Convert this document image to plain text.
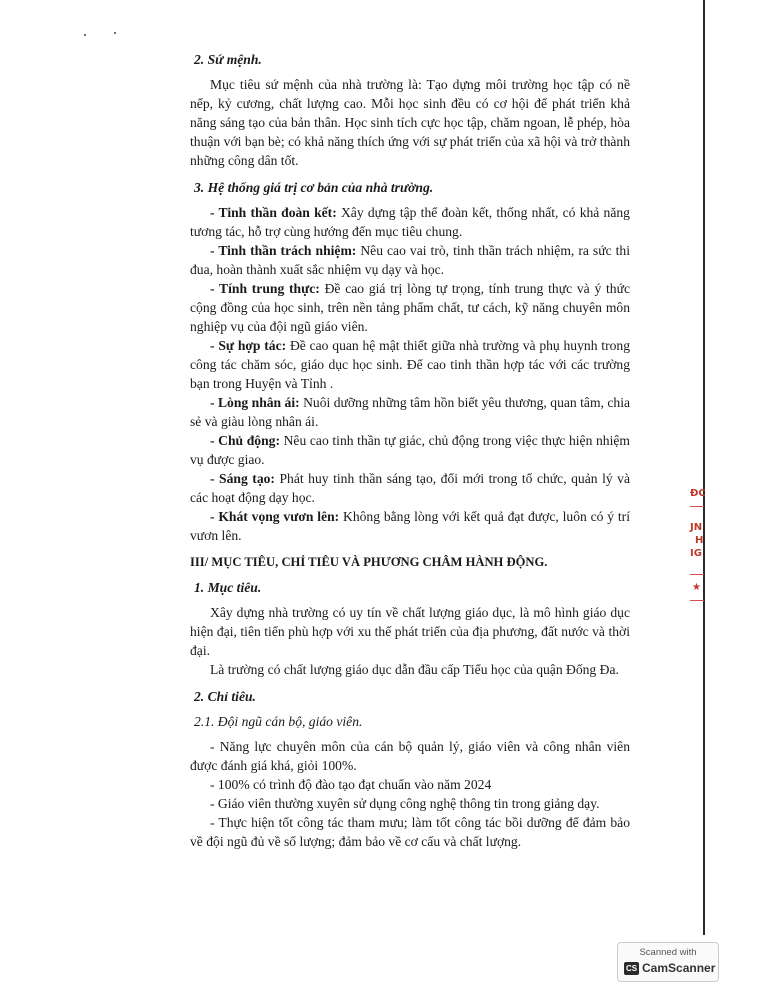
2. Sứ mệnh.
Mục tiêu sứ mệnh của nhà trường là: Tạo dựng môi trường học tập có nề nếp, kỷ cương, chất lượng cao. Mỗi học sinh đều có cơ hội để phát triển khả năng sáng tạo của bản thân. Học sinh tích cực học tập, chăm ngoan, lễ phép, hòa thuận với bạn bè; có khả năng thích ứng với sự phát triển của xã hội và trở thành những công dân tốt.
3. Hệ thống giá trị cơ bản của nhà trường.
- Tinh thần đoàn kết: Xây dựng tập thể đoàn kết, thống nhất, có khả năng tương tác, hỗ trợ cùng hướng đến mục tiêu chung.
- Tinh thần trách nhiệm: Nêu cao vai trò, tinh thần trách nhiệm, ra sức thi đua, hoàn thành xuất sắc nhiệm vụ dạy và học.
- Tính trung thực: Đề cao giá trị lòng tự trọng, tính trung thực và ý thức cộng đồng của học sinh, trên nền tảng phẩm chất, tư cách, kỹ năng chuyên môn nghiệp vụ của đội ngũ giáo viên.
- Sự hợp tác: Đề cao quan hệ mật thiết giữa nhà trường và phụ huynh trong công tác chăm sóc, giáo dục học sinh. Để cao tinh thần hợp tác với các trường bạn trong Huyện và Tỉnh .
- Lòng nhân ái: Nuôi dưỡng những tâm hồn biết yêu thương, quan tâm, chia sẻ và giàu lòng nhân ái.
- Chủ động: Nêu cao tinh thần tự giác, chủ động trong việc thực hiện nhiệm vụ được giao.
- Sáng tạo: Phát huy tinh thần sáng tạo, đổi mới trong tổ chức, quản lý và các hoạt động dạy học.
- Khát vọng vươn lên: Không bằng lòng với kết quả đạt được, luôn có ý trí vươn lên.
III/ MỤC TIÊU, CHỈ TIÊU VÀ PHƯƠNG CHÂM HÀNH ĐỘNG.
1. Mục tiêu.
Xây dựng nhà trường có uy tín về chất lượng giáo dục, là mô hình giáo dục hiện đại, tiên tiến phù hợp với xu thế phát triển của địa phương, đất nước và thời đại.
Là trường có chất lượng giáo dục dẫn đầu cấp Tiểu học của quận Đống Đa.
2. Chỉ tiêu.
2.1. Đội ngũ cán bộ, giáo viên.
- Năng lực chuyên môn của cán bộ quản lý, giáo viên và công nhân viên được đánh giá khá, giỏi 100%.
- 100% có trình độ đào tạo đạt chuẩn vào năm 2024
- Giáo viên thường xuyên sử dụng công nghệ thông tin trong giảng dạy.
- Thực hiện tốt công tác tham mưu; làm tốt công tác bồi dưỡng để đảm bảo về đội ngũ đủ về số lượng; đảm bảo về cơ cấu và chất lượng.
ĐC
JN
H
IG
★
Scanned with
CS CamScanner
